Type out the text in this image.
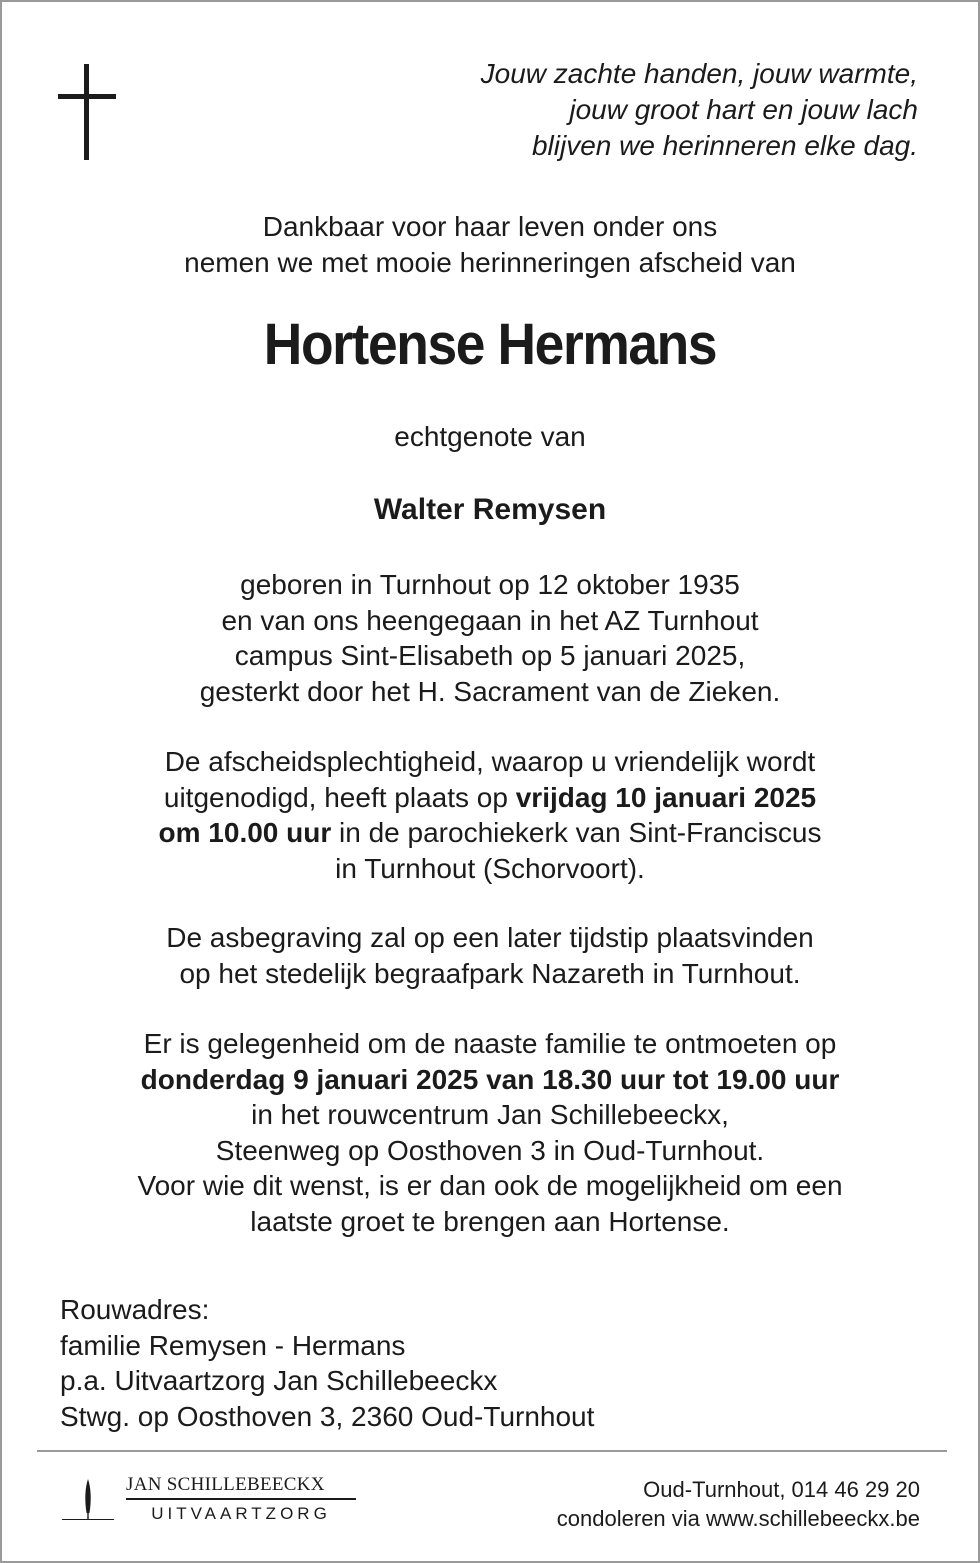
Jouw zachte handen, jouw warmte,
jouw groot hart en jouw lach
blijven we herinneren elke dag.
Dankbaar voor haar leven onder ons
nemen we met mooie herinneringen afscheid van
Hortense Hermans
echtgenote van
Walter Remysen
geboren in Turnhout op 12 oktober 1935
en van ons heengegaan in het AZ Turnhout
campus Sint-Elisabeth op 5 januari 2025,
gesterkt door het H. Sacrament van de Zieken.
De afscheidsplechtigheid, waarop u vriendelijk wordt
uitgenodigd, heeft plaats op vrijdag 10 januari 2025
om 10.00 uur in de parochiekerk van Sint-Franciscus
in Turnhout (Schorvoort).
De asbegraving zal op een later tijdstip plaatsvinden
op het stedelijk begraafpark Nazareth in Turnhout.
Er is gelegenheid om de naaste familie te ontmoeten op
donderdag 9 januari 2025 van 18.30 uur tot 19.00 uur
in het rouwcentrum Jan Schillebeeckx,
Steenweg op Oosthoven 3 in Oud-Turnhout.
Voor wie dit wenst, is er dan ook de mogelijkheid om een
laatste groet te brengen aan Hortense.
Rouwadres:
familie Remysen - Hermans
p.a. Uitvaartzorg Jan Schillebeeckx
Stwg. op Oosthoven 3, 2360 Oud-Turnhout
JAN SCHILLEBEECKX
UITVAARTZORG
Oud-Turnhout, 014 46 29 20
condoleren via www.schillebeeckx.be
